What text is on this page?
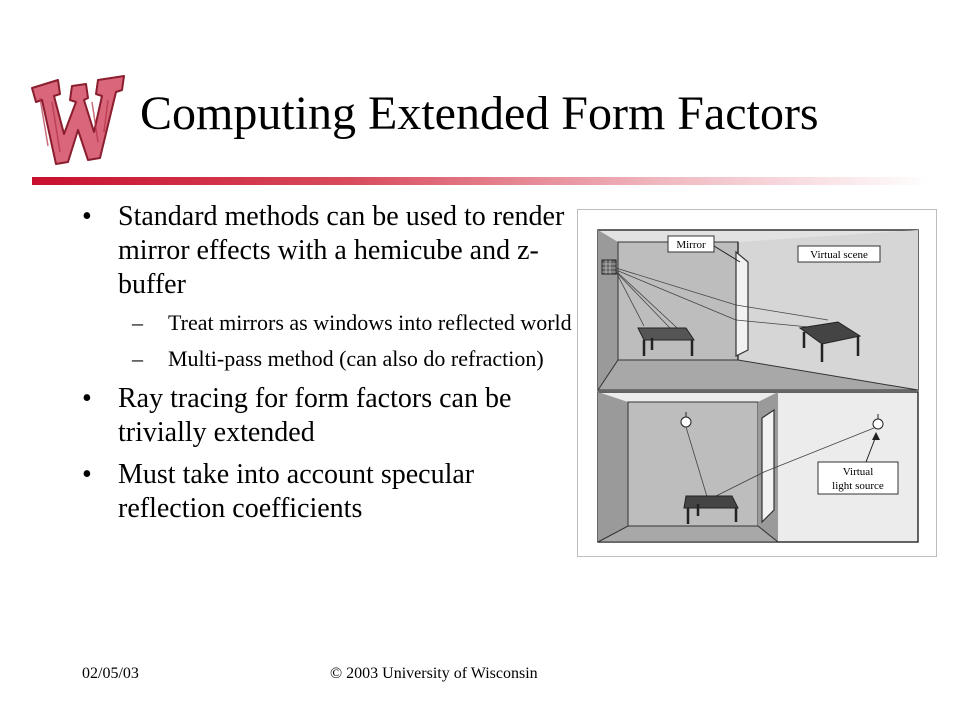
Computing Extended Form Factors
• Standard methods can be used to render mirror effects with a hemicube and z-buffer
– Treat mirrors as windows into reflected world
– Multi-pass method (can also do refraction)
• Ray tracing for form factors can be trivially extended
• Must take into account specular reflection coefficients
Mirror
Virtual scene
Virtual
light source
02/05/03	© 2003 University of Wisconsin
